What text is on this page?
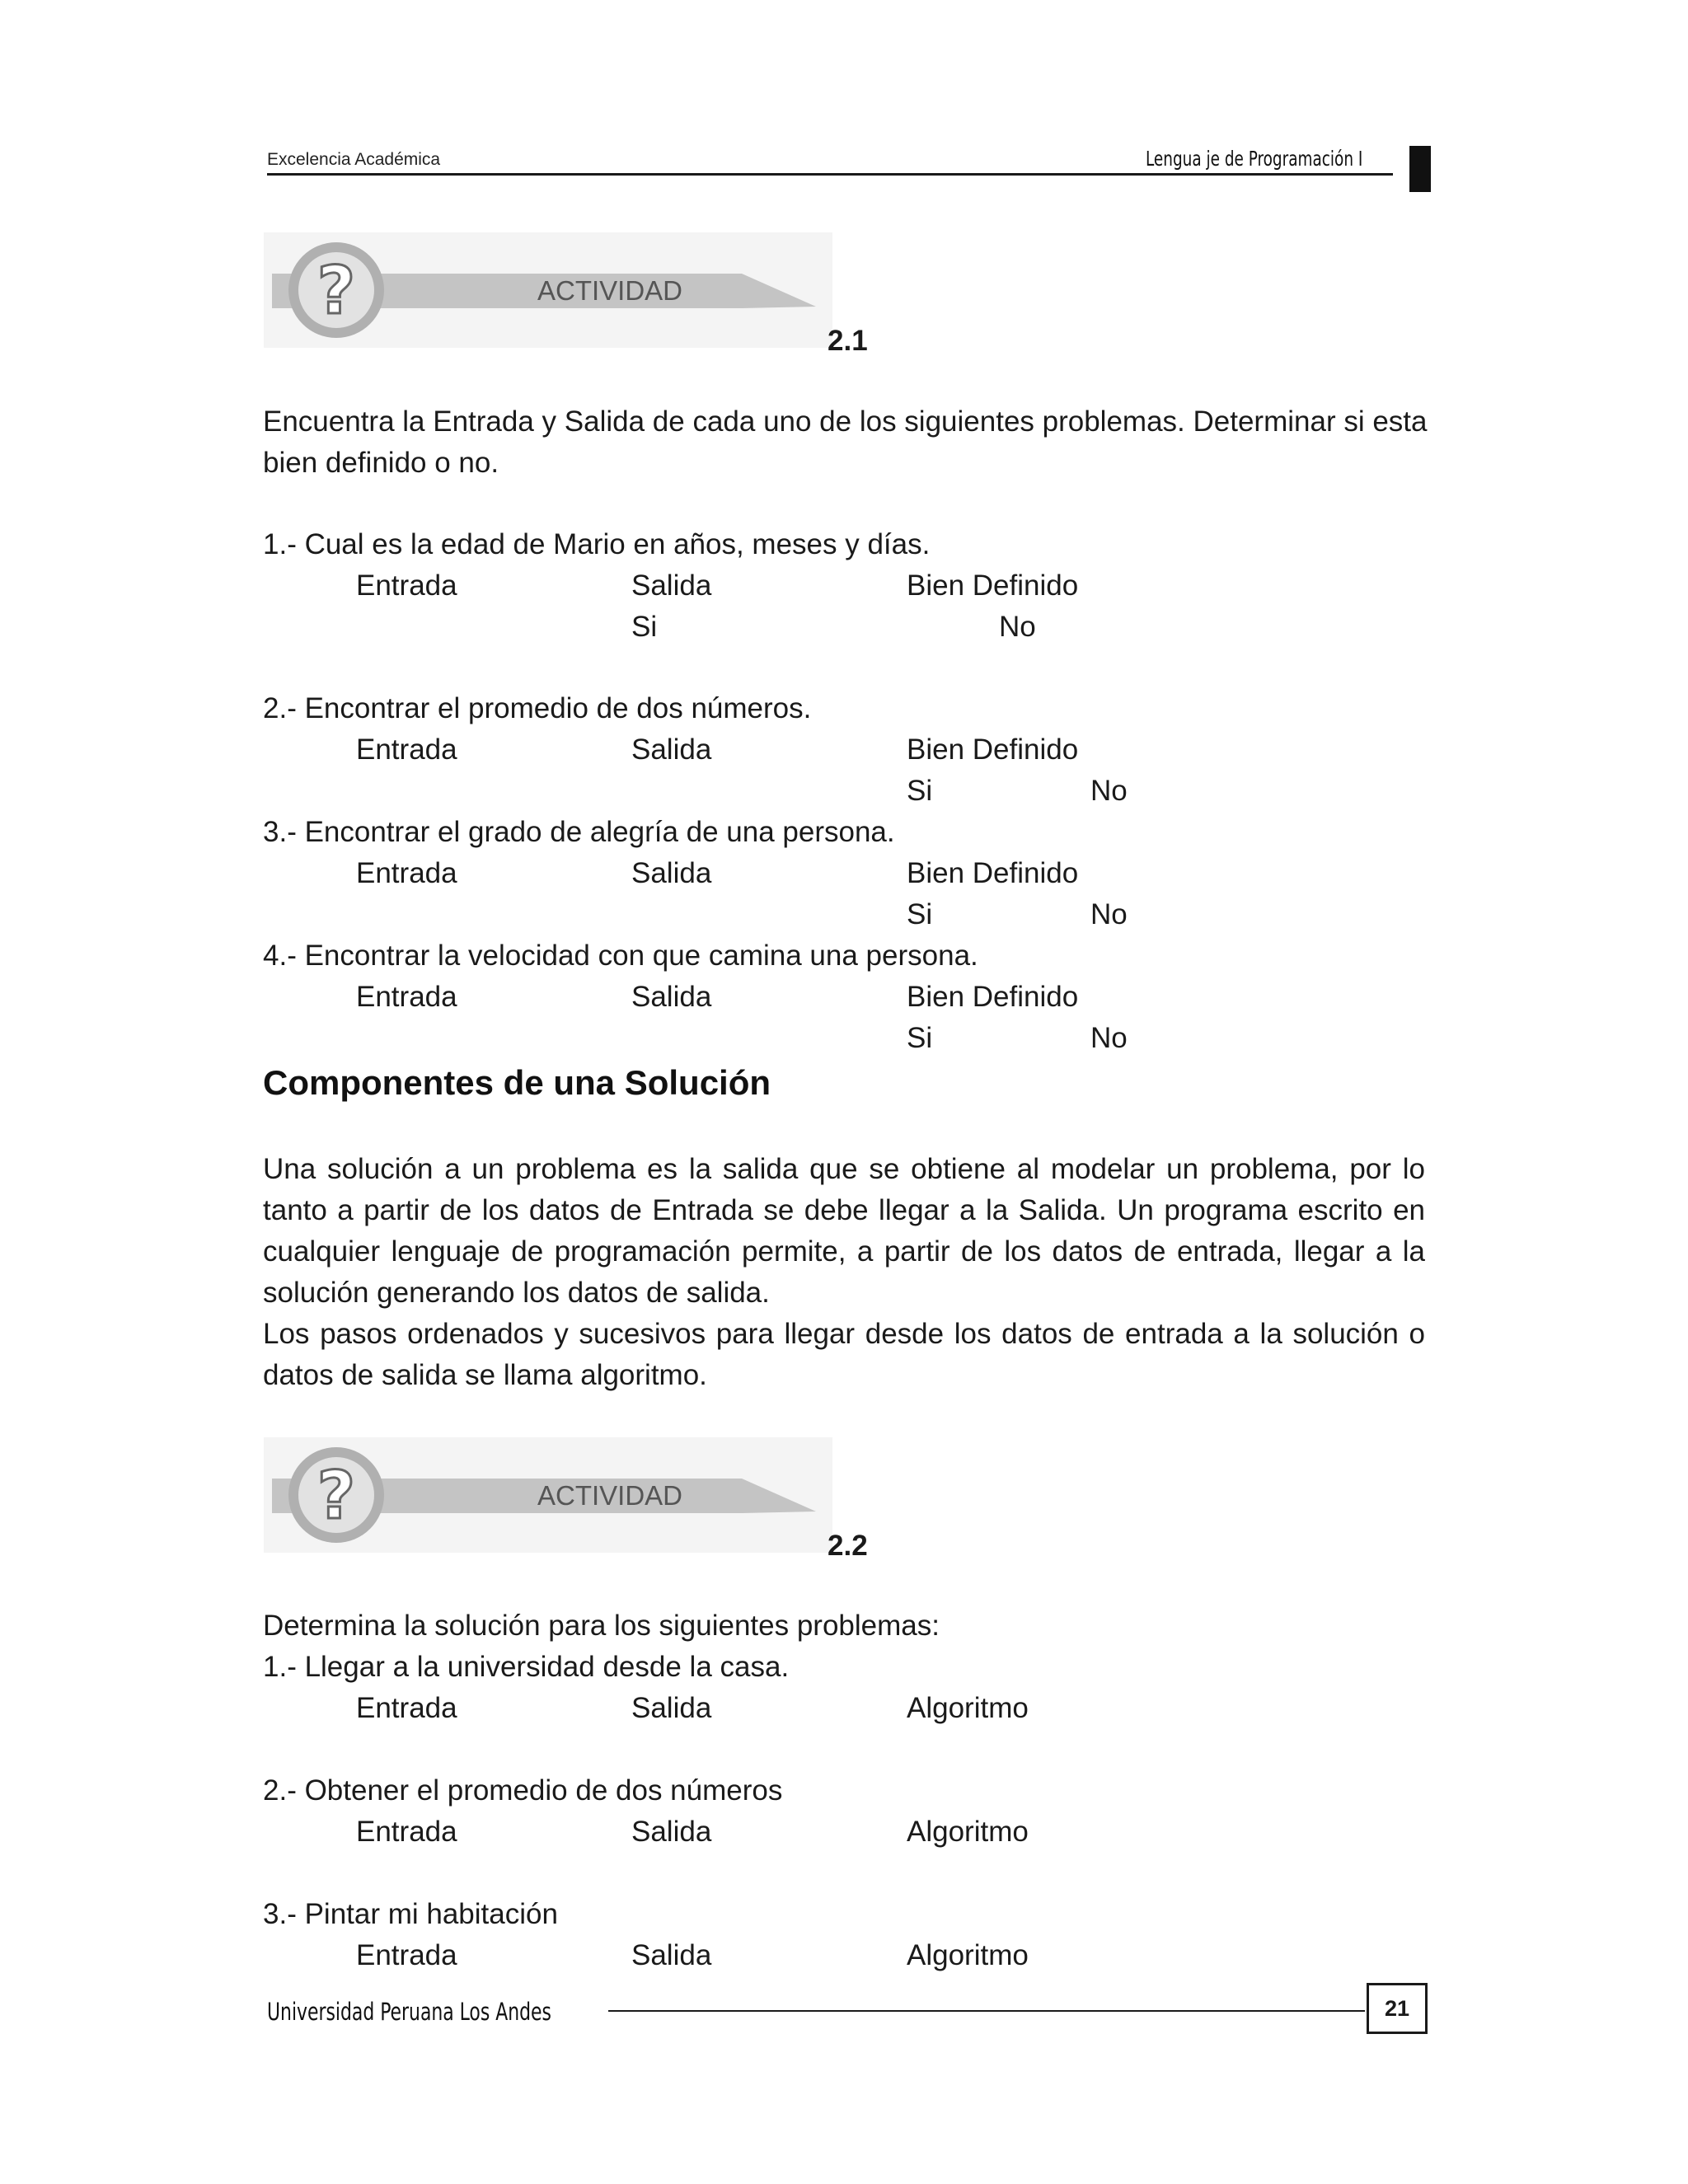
Excelencia Académica	Lengua je de Programación I
?	ACTIVIDAD
2.1
Encuentra la Entrada y Salida de cada uno de los siguientes problemas. Determinar si esta
bien definido o no.
1.- Cual es la edad de Mario en años, meses y días.
Entrada	Salida	Bien Definido
Si	No
2.- Encontrar el promedio de dos números.
Entrada	Salida	Bien Definido
Si	No
3.- Encontrar el grado de alegría de una persona.
Entrada	Salida	Bien Definido
Si	No
4.- Encontrar la velocidad con que camina una persona.
Entrada	Salida	Bien Definido
Si	No
Componentes de una Solución
Una solución a un problema es la salida que se obtiene al modelar un problema, por lo tanto a partir de los datos de Entrada se debe llegar a la Salida. Un programa escrito en cualquier lenguaje de programación permite, a partir de los datos de entrada, llegar a la solución generando los datos de salida.
Los pasos ordenados y sucesivos para llegar desde los datos de entrada a la solución o datos de salida se llama algoritmo.
?	ACTIVIDAD
2.2
Determina la solución para los siguientes problemas:
1.- Llegar a la universidad desde la casa.
Entrada	Salida	Algoritmo
2.- Obtener el promedio de dos números
Entrada	Salida	Algoritmo
3.- Pintar mi habitación
Entrada	Salida	Algoritmo
Universidad Peruana Los Andes	21
